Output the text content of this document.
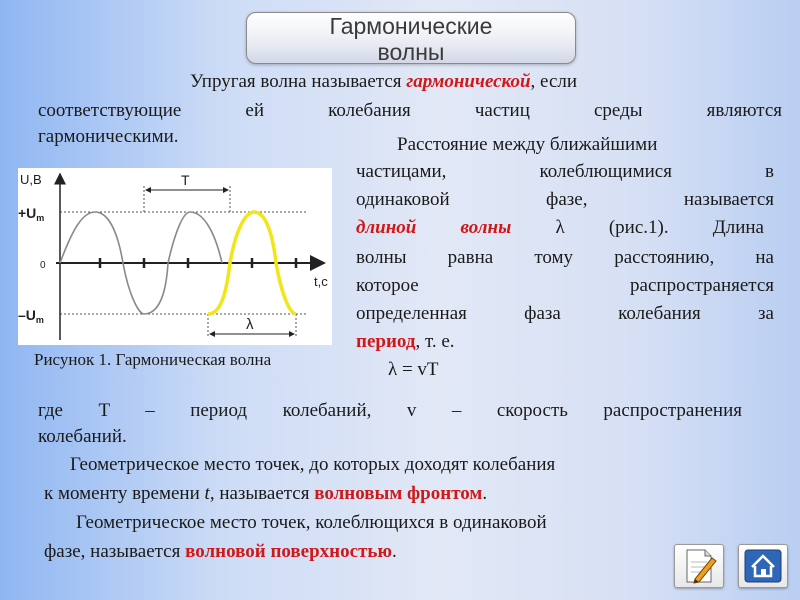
Гармонические
волны

Упругая волна называется гармонической, если

соответствующие ей колебания частиц среды являются

гармоническими.	Расстояние между ближайшими

частицами, колеблющимися в

одинаковой фазе, называется

длиной волны λ (рис.1). Длина

волны равна тому расстоянию, на

которое распространяется

определенная фаза колебания за

период, т. е.

λ = vT

где T – период колебаний, v – скорость распространения

колебаний.

Геометрическое место точек, до которых доходят колебания

к моменту времени t, называется волновым фронтом.

Геометрическое место точек, колеблющихся в одинаковой

фазе, называется волновой поверхностью.

U,B
$+U_m$
0
$-U_m$
T
t,c
λ
Рисунок 1. Гармоническая волна
